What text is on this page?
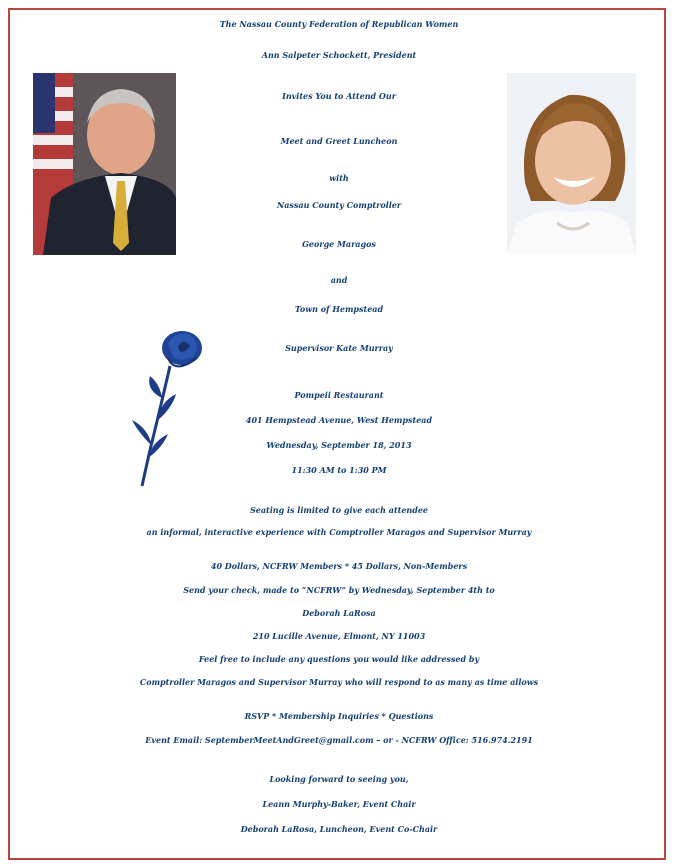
The Nassau County Federation of Republican Women
Ann Salpeter Schockett, President
Invites You to Attend Our
Meet and Greet Luncheon
with
Nassau County Comptroller
George Maragos
and
Town of Hempstead
Supervisor Kate Murray
Pompeii Restaurant
401 Hempstead Avenue, West Hempstead
Wednesday, September 18, 2013
11:30 AM to 1:30 PM
Seating is limited to give each attendee
an informal, interactive experience with Comptroller Maragos and Supervisor Murray
40 Dollars, NCFRW Members * 45 Dollars, Non-Members
Send your check, made to “NCFRW” by Wednesday, September 4th to
Deborah LaRosa
210 Lucille Avenue, Elmont, NY 11003
Feel free to include any questions you would like addressed by
Comptroller Maragos and Supervisor Murray who will respond to as many as time allows
RSVP * Membership Inquiries * Questions
Event Email: SeptemberMeetAndGreet@gmail.com – or - NCFRW Office: 516.974.2191
Looking forward to seeing you,
Leann Murphy-Baker, Event Chair
Deborah LaRosa, Luncheon, Event Co-Chair
